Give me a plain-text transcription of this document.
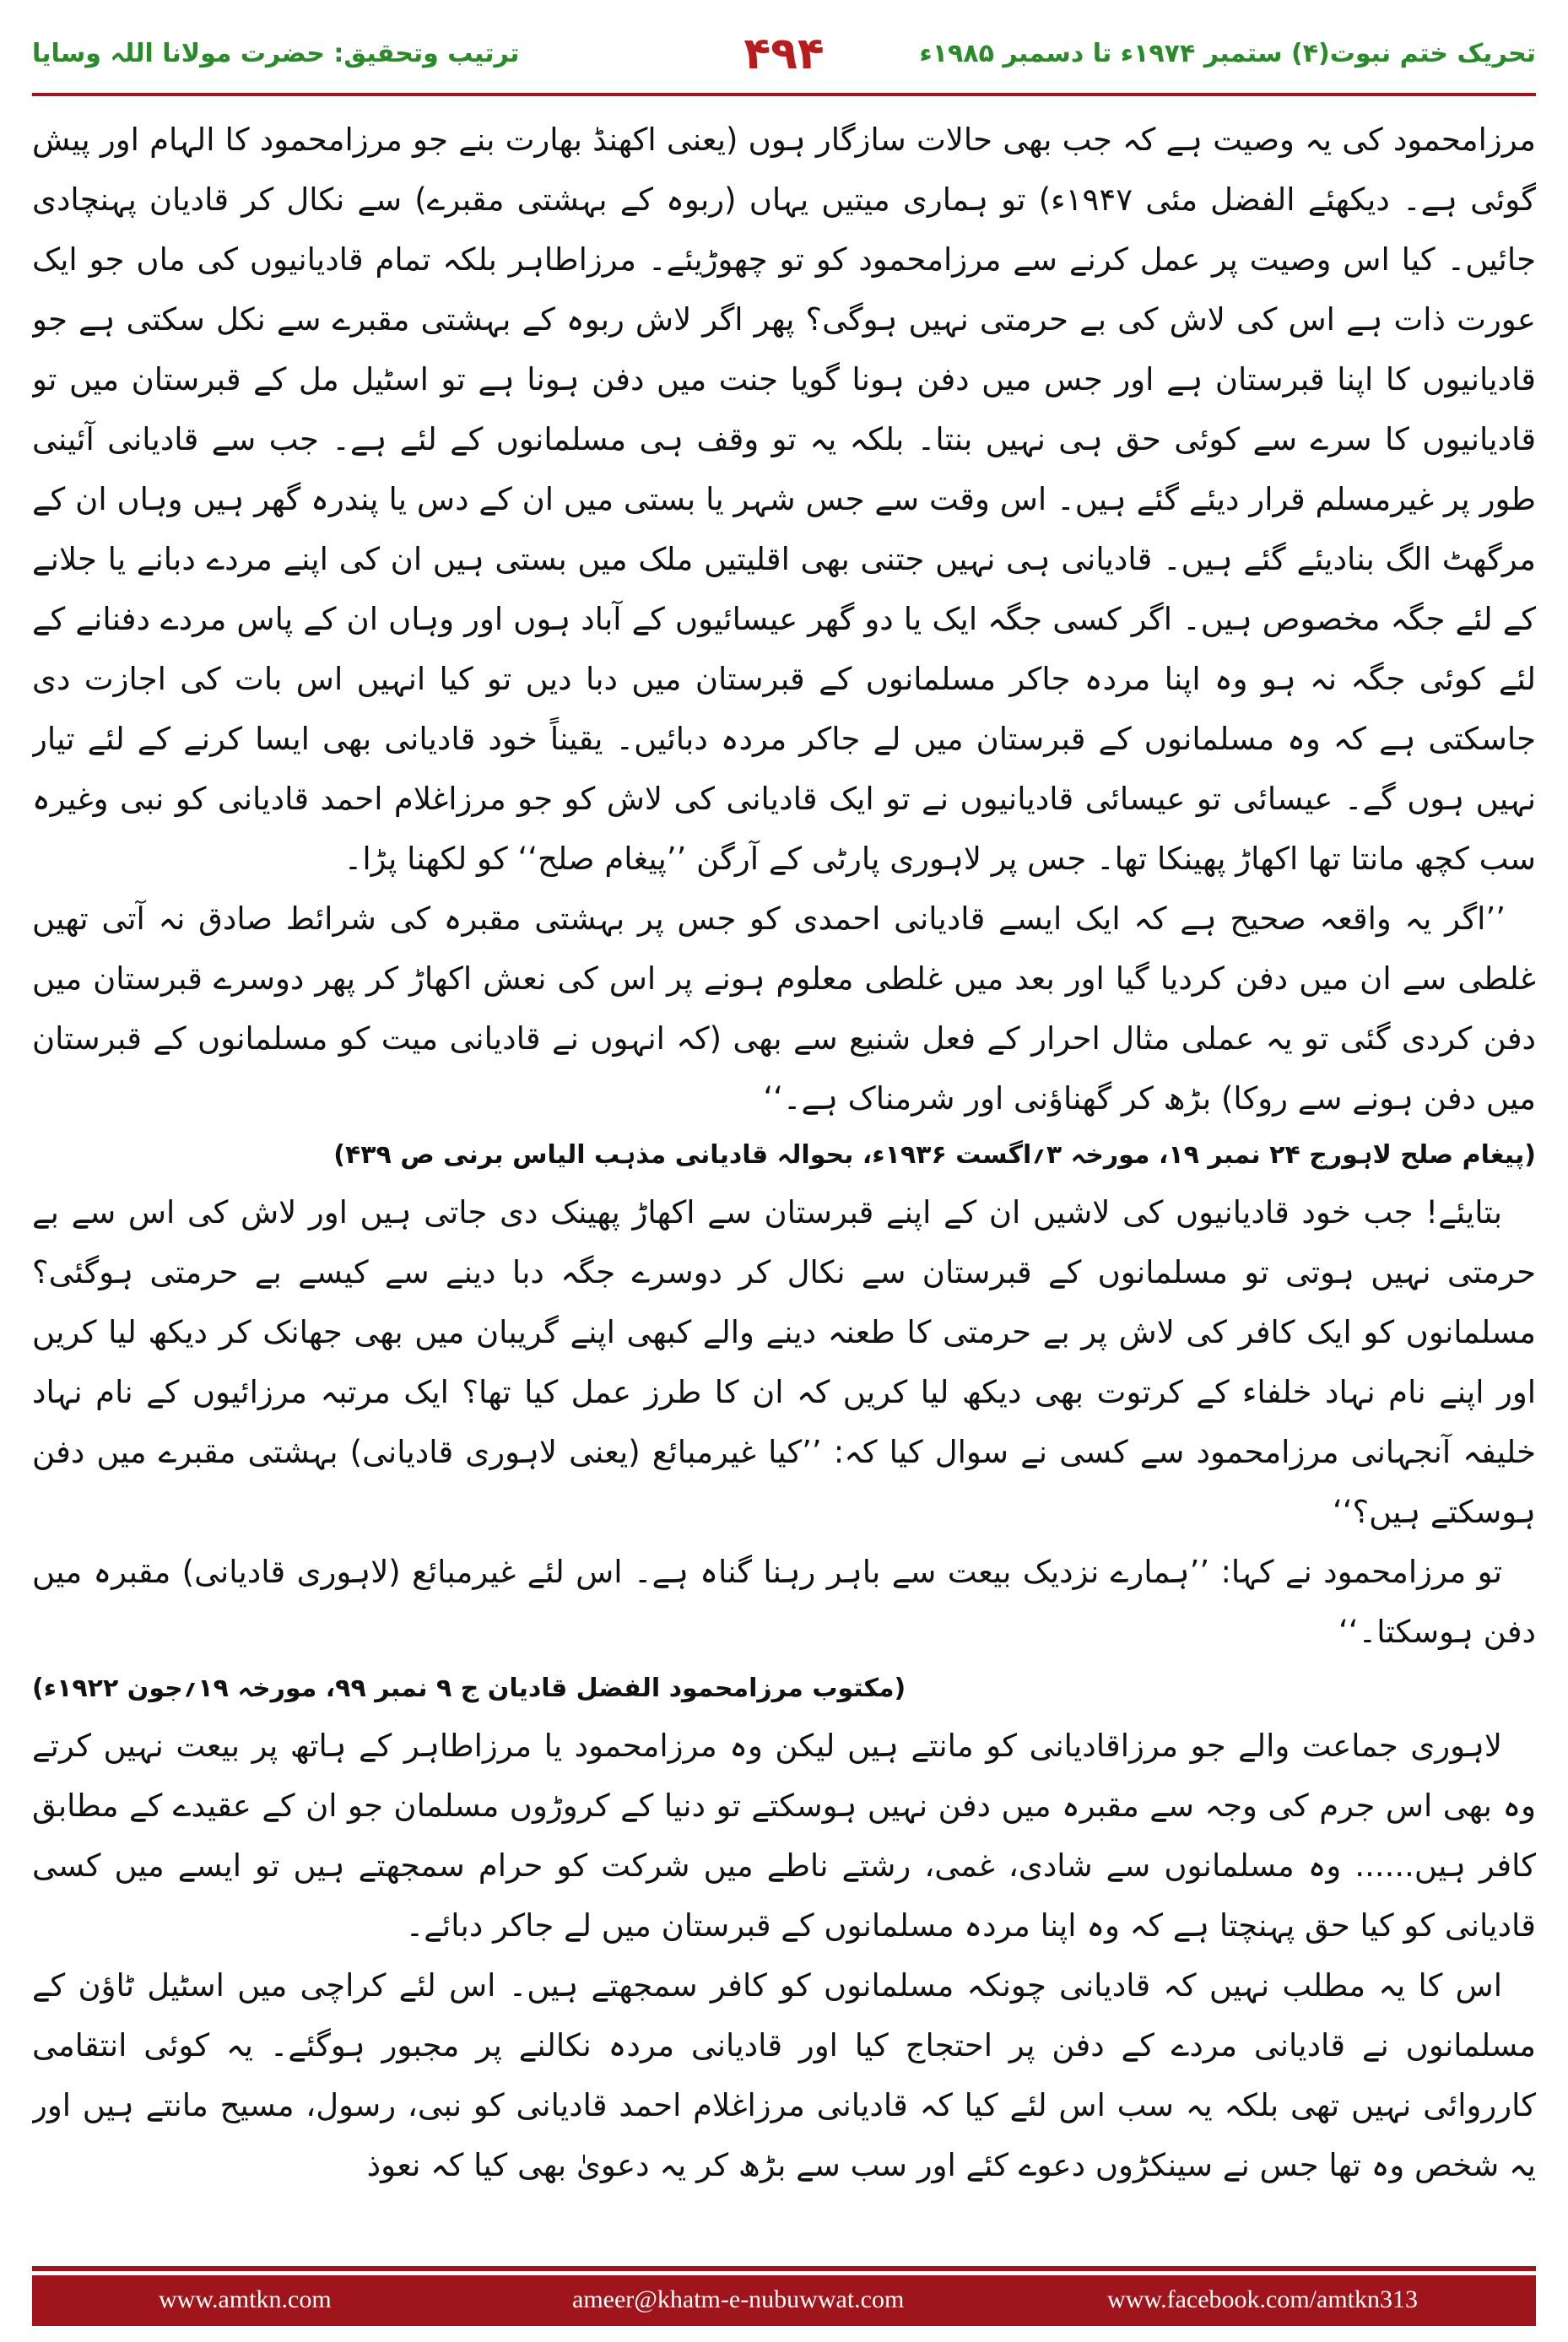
ترتیب وتحقیق: حضرت مولانا اللہ وسایا	۴۹۴	تحریک ختم نبوت(۴) ستمبر ۱۹۷۴ء تا دسمبر ۱۹۸۵ء

مرزامحمود کی یہ وصیت ہے کہ جب بھی حالات سازگار ہوں (یعنی اکھنڈ بھارت بنے جو مرزامحمود کا الہام اور پیش گوئی ہے۔ دیکھئے الفضل مئی ۱۹۴۷ء) تو ہماری میتیں یہاں (ربوہ کے بہشتی مقبرے) سے نکال کر قادیان پہنچادی جائیں۔ کیا اس وصیت پر عمل کرنے سے مرزامحمود کو تو چھوڑیئے۔ مرزاطاہر بلکہ تمام قادیانیوں کی ماں جو ایک عورت ذات ہے اس کی لاش کی بے حرمتی نہیں ہوگی؟ پھر اگر لاش ربوہ کے بہشتی مقبرے سے نکل سکتی ہے جو قادیانیوں کا اپنا قبرستان ہے اور جس میں دفن ہونا گویا جنت میں دفن ہونا ہے تو اسٹیل مل کے قبرستان میں تو قادیانیوں کا سرے سے کوئی حق ہی نہیں بنتا۔ بلکہ یہ تو وقف ہی مسلمانوں کے لئے ہے۔ جب سے قادیانی آئینی طور پر غیرمسلم قرار دیئے گئے ہیں۔ اس وقت سے جس شہر یا بستی میں ان کے دس یا پندرہ گھر ہیں وہاں ان کے مرگھٹ الگ بنادیئے گئے ہیں۔ قادیانی ہی نہیں جتنی بھی اقلیتیں ملک میں بستی ہیں ان کی اپنے مردے دبانے یا جلانے کے لئے جگہ مخصوص ہیں۔ اگر کسی جگہ ایک یا دو گھر عیسائیوں کے آباد ہوں اور وہاں ان کے پاس مردے دفنانے کے لئے کوئی جگہ نہ ہو وہ اپنا مردہ جاکر مسلمانوں کے قبرستان میں دبا دیں تو کیا انہیں اس بات کی اجازت دی جاسکتی ہے کہ وہ مسلمانوں کے قبرستان میں لے جاکر مردہ دبائیں۔ یقیناً خود قادیانی بھی ایسا کرنے کے لئے تیار نہیں ہوں گے۔ عیسائی تو عیسائی قادیانیوں نے تو ایک قادیانی کی لاش کو جو مرزاغلام احمد قادیانی کو نبی وغیرہ سب کچھ مانتا تھا اکھاڑ پھینکا تھا۔ جس پر لاہوری پارٹی کے آرگن ’’پیغام صلح‘‘ کو لکھنا پڑا۔

’’اگر یہ واقعہ صحیح ہے کہ ایک ایسے قادیانی احمدی کو جس پر بہشتی مقبرہ کی شرائط صادق نہ آتی تھیں غلطی سے ان میں دفن کردیا گیا اور بعد میں غلطی معلوم ہونے پر اس کی نعش اکھاڑ کر پھر دوسرے قبرستان میں دفن کردی گئی تو یہ عملی مثال احرار کے فعل شنیع سے بھی (کہ انہوں نے قادیانی میت کو مسلمانوں کے قبرستان میں دفن ہونے سے روکا) بڑھ کر گھناؤنی اور شرمناک ہے۔‘‘

(پیغام صلح لاہورج ۲۴ نمبر ۱۹، مورخہ ۳؍اگست ۱۹۳۶ء، بحوالہ قادیانی مذہب الیاس برنی ص ۴۳۹)

بتایئے! جب خود قادیانیوں کی لاشیں ان کے اپنے قبرستان سے اکھاڑ پھینک دی جاتی ہیں اور لاش کی اس سے بے حرمتی نہیں ہوتی تو مسلمانوں کے قبرستان سے نکال کر دوسرے جگہ دبا دینے سے کیسے بے حرمتی ہوگئی؟ مسلمانوں کو ایک کافر کی لاش پر بے حرمتی کا طعنہ دینے والے کبھی اپنے گریبان میں بھی جھانک کر دیکھ لیا کریں اور اپنے نام نہاد خلفاء کے کرتوت بھی دیکھ لیا کریں کہ ان کا طرز عمل کیا تھا؟ ایک مرتبہ مرزائیوں کے نام نہاد خلیفہ آنجہانی مرزامحمود سے کسی نے سوال کیا کہ: ’’کیا غیرمبائع (یعنی لاہوری قادیانی) بہشتی مقبرے میں دفن ہوسکتے ہیں؟‘‘

تو مرزامحمود نے کہا: ’’ہمارے نزدیک بیعت سے باہر رہنا گناہ ہے۔ اس لئے غیرمبائع (لاہوری قادیانی) مقبرہ میں دفن ہوسکتا۔‘‘

(مکتوب مرزامحمود الفضل قادیان ج ۹ نمبر ۹۹، مورخہ ۱۹؍جون ۱۹۲۲ء)

لاہوری جماعت والے جو مرزاقادیانی کو مانتے ہیں لیکن وہ مرزامحمود یا مرزاطاہر کے ہاتھ پر بیعت نہیں کرتے وہ بھی اس جرم کی وجہ سے مقبرہ میں دفن نہیں ہوسکتے تو دنیا کے کروڑوں مسلمان جو ان کے عقیدے کے مطابق کافر ہیں...... وہ مسلمانوں سے شادی، غمی، رشتے ناطے میں شرکت کو حرام سمجھتے ہیں تو ایسے میں کسی قادیانی کو کیا حق پہنچتا ہے کہ وہ اپنا مردہ مسلمانوں کے قبرستان میں لے جاکر دبائے۔

اس کا یہ مطلب نہیں کہ قادیانی چونکہ مسلمانوں کو کافر سمجھتے ہیں۔ اس لئے کراچی میں اسٹیل ٹاؤن کے مسلمانوں نے قادیانی مردے کے دفن پر احتجاج کیا اور قادیانی مردہ نکالنے پر مجبور ہوگئے۔ یہ کوئی انتقامی کارروائی نہیں تھی بلکہ یہ سب اس لئے کیا کہ قادیانی مرزاغلام احمد قادیانی کو نبی، رسول، مسیح مانتے ہیں اور یہ شخص وہ تھا جس نے سینکڑوں دعوے کئے اور سب سے بڑھ کر یہ دعویٰ بھی کیا کہ نعوذ

www.amtkn.com	ameer@khatm-e-nubuwwat.com	www.facebook.com/amtkn313
